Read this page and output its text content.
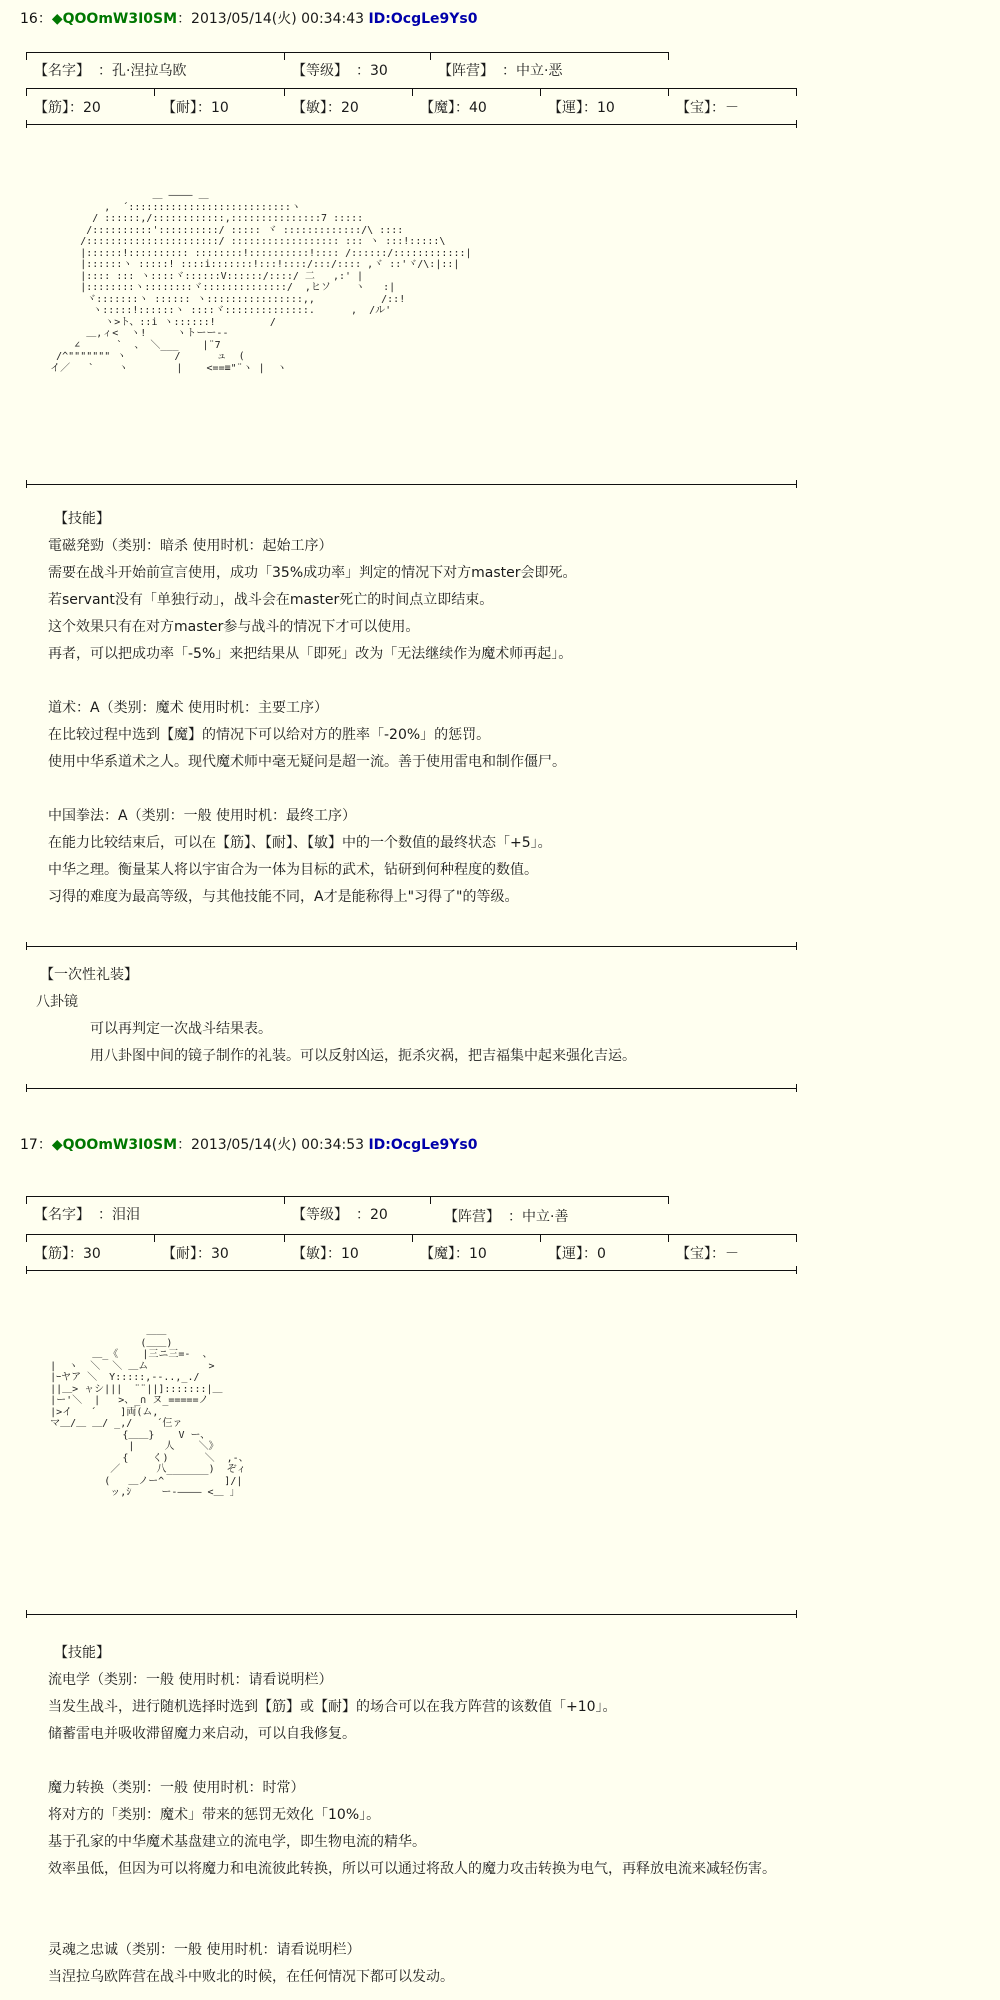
16：◆QOOmW3I0SM：2013/05/14(火) 00:34:43 ID:OcgLe9Ys0
【名字】 ：孔·涅拉乌欧	【等级】 ：30	【阵营】 ：中立·恶
【筋】：20	【耐】：10	【敏】：20	【魔】：40	【運】：10	【宝】：－
＿ ―――― ＿
,  ´:::::::::::::::::::::::::::ヽ
/ ::::::,/::::::::::::,:::::::::::::::7 :::::
/::::::::::'::::::::::/ ::::: ヾ :::::::::::::/\ ::::
/::::::::::::::::::::::/ :::::::::::::::::: ::: ヽ :::!:::::\
|::::::!:::::::::: ::::::::!::::::::::!:::: /::::::/::::::::::::|
|::::::ヽ :::::! ::::i:::::::!:::!::::/:::/:::: ,ヾ ::'ヾ/\:|::|
|:::: ::: ヽ::::ヾ::::::V::::::/::::/ 二   ,:' |
|::::::::ヽ::::::::ヾ::::::::::::::/  ,ヒソ    ヽ   :|
ヾ:::::::ヽ :::::: ヽ::::::::::::::::,,           /::!
ヽ:::::!::::::ヽ ::::ヾ::::::::::::::.      ,  /ル'
ヽ>ト、::i ヽ::::::!         /
＿,ィ<  ヽ!     ヽトーー-‐
∠      `  、 ＼___    |¨7
/^""""""" ヽ        /      ュ  (
イ／   `    ヽ        |    <==≡"¨ヽ |  ヽ
【技能】
電磁発勁（类别：暗杀 使用时机：起始工序）
需要在战斗开始前宣言使用，成功「35%成功率」判定的情况下对方master会即死。
若servant没有「单独行动」，战斗会在master死亡的时间点立即结束。
这个效果只有在对方master参与战斗的情况下才可以使用。
再者，可以把成功率「-5%」来把结果从「即死」改为「无法继续作为魔术师再起」。
道术：A（类别：魔术 使用时机：主要工序）
在比较过程中选到【魔】的情况下可以给对方的胜率「-20%」的惩罚。
使用中华系道术之人。现代魔术师中毫无疑问是超一流。善于使用雷电和制作僵尸。
中国拳法：A（类别：一般 使用时机：最终工序）
在能力比较结束后，可以在【筋】、【耐】、【敏】中的一个数值的最终状态「+5」。
中华之理。衡量某人将以宇宙合为一体为目标的武术，钻研到何种程度的数值。
习得的难度为最高等级，与其他技能不同，A才是能称得上"习得了"的等级。
【一次性礼装】
八卦镜
可以再判定一次战斗结果表。
用八卦图中间的镜子制作的礼装。可以反射凶运，扼杀灾祸，把吉福集中起来强化吉运。
17：◆QOOmW3I0SM：2013/05/14(火) 00:34:53 ID:OcgLe9Ys0
【名字】 ：泪泪	【等级】 ：20	【阵营】 ：中立·善
【筋】：30	【耐】：30	【敏】：10	【魔】：10	【運】：0	【宝】：－
＿＿
(＿＿)
＿_《    |三ニ三=-  、
|  ヽ  ＼  ＼ ＿ム          >
|ｰヤア ＼  Y:::::,--..,_./
||＿> ャシ|||  ¨¨||]:::::::|＿
|ー'＼  |   >、_∩ ヌ_=====ノ
|>イ   ´    ]両(ム,
マ＿/＿ ＿/ _,/    ´仨ァ
{＿＿}    V ー、
|     人    ＼》
{    く)      ＼  ,-、
／      八_______)  ぞィ
(   ＿ノー^          ]/|
ッ,ｼ     ー-―――― <＿ ｣
【技能】
流电学（类别：一般 使用时机：请看说明栏）
当发生战斗，进行随机选择时选到【筋】或【耐】的场合可以在我方阵营的该数值「+10」。
储蓄雷电并吸收滞留魔力来启动，可以自我修复。
魔力转换（类别：一般 使用时机：时常）
将对方的「类别：魔术」带来的惩罚无效化「10%」。
基于孔家的中华魔术基盘建立的流电学，即生物电流的精华。
效率虽低，但因为可以将魔力和电流彼此转换，所以可以通过将敌人的魔力攻击转换为电气，再释放电流来减轻伤害。
灵魂之忠诚（类别：一般 使用时机：请看说明栏）
当涅拉乌欧阵营在战斗中败北的时候，在任何情况下都可以发动。
